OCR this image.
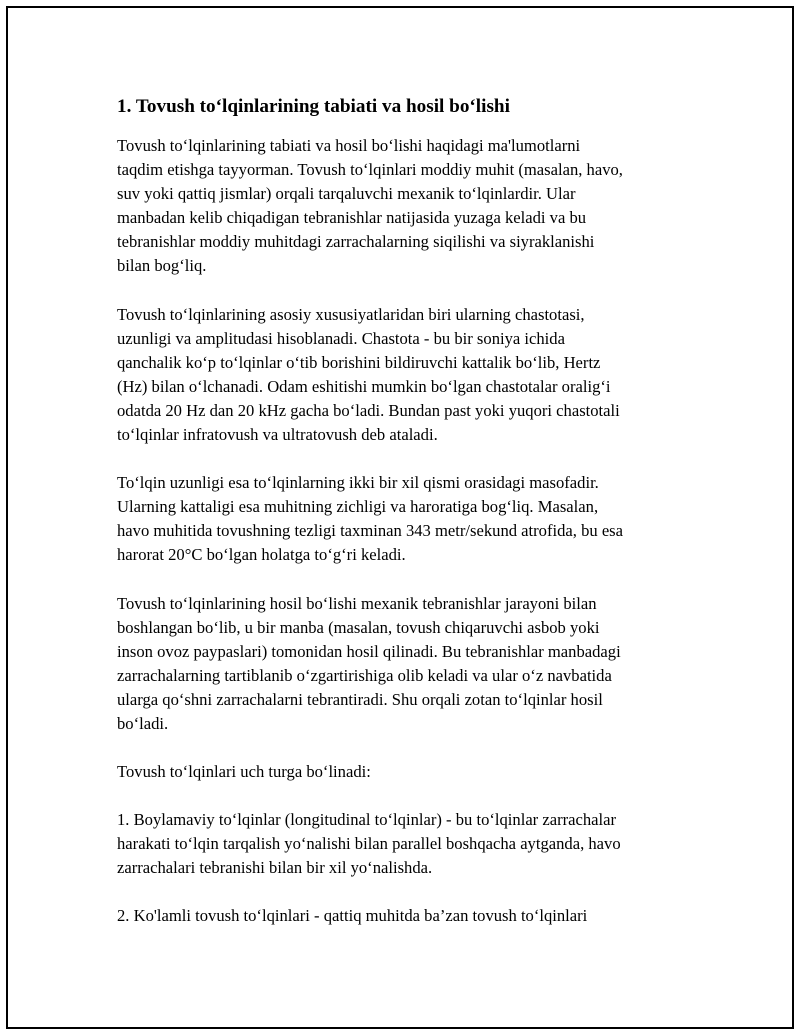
1. Tovush to‘lqinlarining tabiati va hosil bo‘lishi

Tovush to‘lqinlarining tabiati va hosil bo‘lishi haqidagi ma'lumotlarni
taqdim etishga tayyorman. Tovush to‘lqinlari moddiy muhit (masalan, havo,
suv yoki qattiq jismlar) orqali tarqaluvchi mexanik to‘lqinlardir. Ular
manbadan kelib chiqadigan tebranishlar natijasida yuzaga keladi va bu
tebranishlar moddiy muhitdagi zarrachalarning siqilishi va siyraklanishi
bilan bog‘liq.

Tovush to‘lqinlarining asosiy xususiyatlaridan biri ularning chastotasi,
uzunligi va amplitudasi hisoblanadi. Chastota - bu bir soniya ichida
qanchalik ko‘p to‘lqinlar o‘tib borishini bildiruvchi kattalik bo‘lib, Hertz
(Hz) bilan o‘lchanadi. Odam eshitishi mumkin bo‘lgan chastotalar oralig‘i
odatda 20 Hz dan 20 kHz gacha bo‘ladi. Bundan past yoki yuqori chastotali
to‘lqinlar infratovush va ultratovush deb ataladi.

To‘lqin uzunligi esa to‘lqinlarning ikki bir xil qismi orasidagi masofadir.
Ularning kattaligi esa muhitning zichligi va haroratiga bog‘liq. Masalan,
havo muhitida tovushning tezligi taxminan 343 metr/sekund atrofida, bu esa
harorat 20°C bo‘lgan holatga to‘g‘ri keladi.

Tovush to‘lqinlarining hosil bo‘lishi mexanik tebranishlar jarayoni bilan
boshlangan bo‘lib, u bir manba (masalan, tovush chiqaruvchi asbob yoki
inson ovoz paypaslari) tomonidan hosil qilinadi. Bu tebranishlar manbadagi
zarrachalarning tartiblanib o‘zgartirishiga olib keladi va ular o‘z navbatida
ularga qo‘shni zarrachalarni tebrantiradi. Shu orqali zotan to‘lqinlar hosil
bo‘ladi.

Tovush to‘lqinlari uch turga bo‘linadi:

1. Boylamaviy to‘lqinlar (longitudinal to‘lqinlar) - bu to‘lqinlar zarrachalar
harakati to‘lqin tarqalish yo‘nalishi bilan parallel boshqacha aytganda, havo
zarrachalari tebranishi bilan bir xil yo‘nalishda.

2. Ko'lamli tovush to‘lqinlari - qattiq muhitda ba’zan tovush to‘lqinlari
